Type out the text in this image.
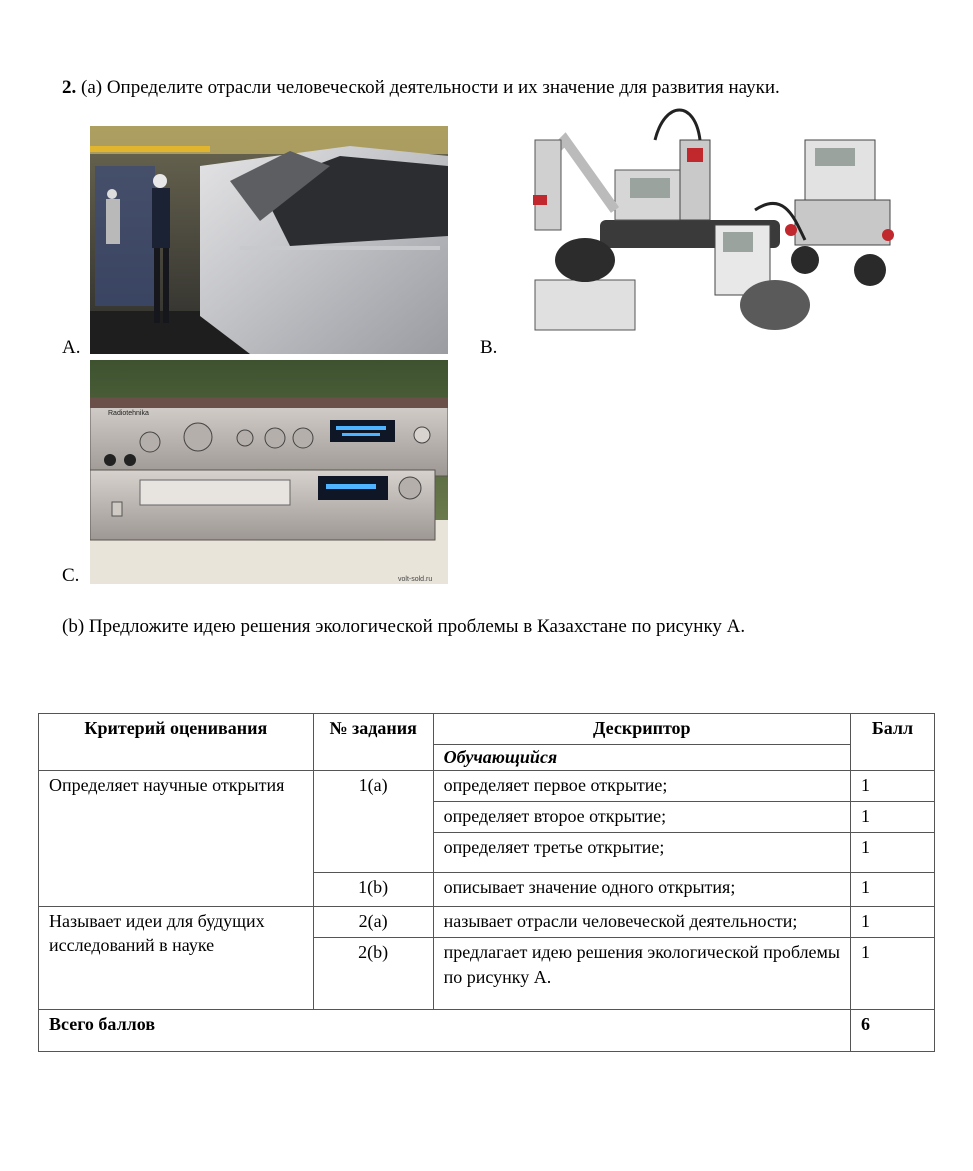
2. (a) Определите отрасли человеческой деятельности и их значение для развития науки.
A.	B.
C.
Radiotehnika
volt-sold.ru
(b) Предложите идею решения экологической проблемы в Казахстане по рисунку А.
Критерий оценивания	№ задания	Дескриптор	Балл
		Обучающийся	
Определяет научные открытия	1(a)	определяет первое открытие;	1
		определяет второе открытие;	1
		определяет третье открытие;	1
	1(b)	описывает значение одного открытия;	1
Называет идеи для будущих исследований в науке	2(a)	называет отрасли человеческой деятельности;	1
	2(b)	предлагает идею решения экологической проблемы по рисунку А.	1
Всего баллов			6
